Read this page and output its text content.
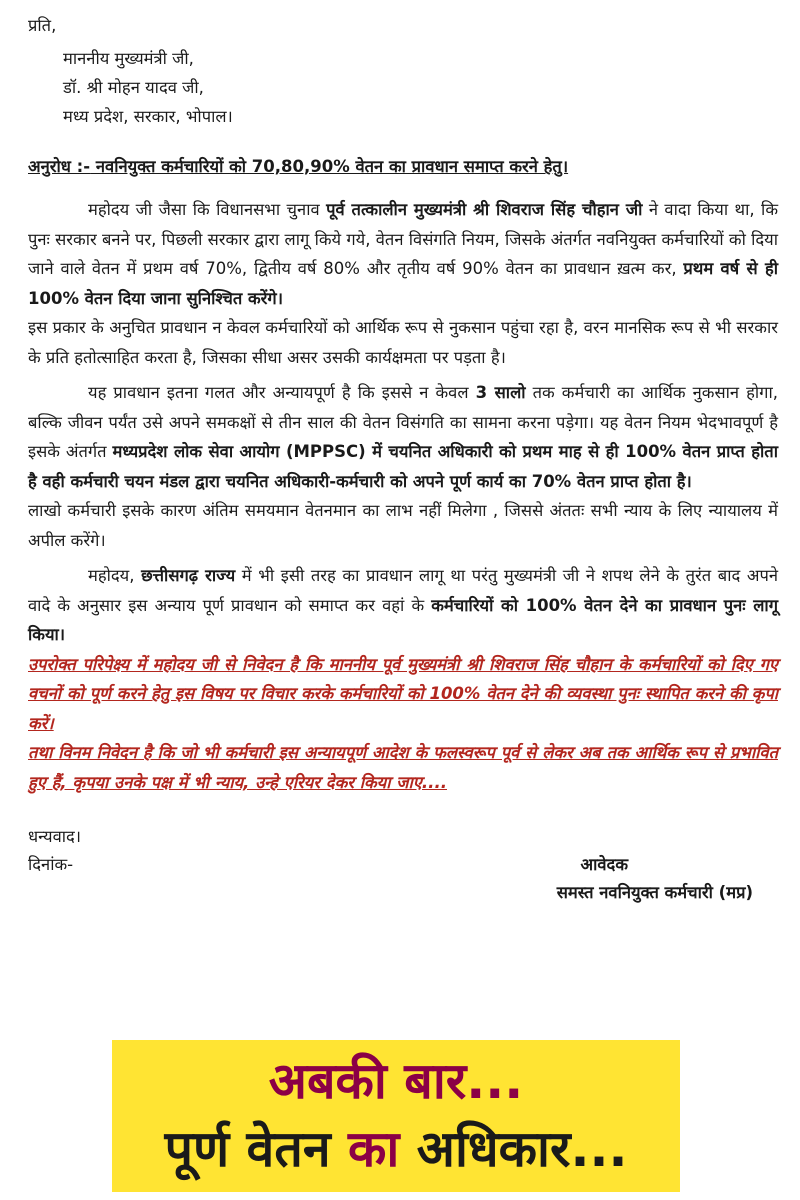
प्रति,
माननीय मुख्यमंत्री जी,
डॉ. श्री मोहन यादव जी,
मध्य प्रदेश, सरकार, भोपाल।
अनुरोध :- नवनियुक्त कर्मचारियों को 70,80,90% वेतन का प्रावधान समाप्त करने हेतु।
महोदय जी जैसा कि विधानसभा चुनाव पूर्व तत्कालीन मुख्यमंत्री श्री शिवराज सिंह चौहान जी ने वादा किया था, कि पुनः सरकार बनने पर, पिछली सरकार द्वारा लागू किये गये, वेतन विसंगति नियम, जिसके अंतर्गत नवनियुक्त कर्मचारियों को दिया जाने वाले वेतन में प्रथम वर्ष 70%, द्वितीय वर्ष 80% और तृतीय वर्ष 90% वेतन का प्रावधान ख़त्म कर, प्रथम वर्ष से ही 100% वेतन दिया जाना सुनिश्चित करेंगे।
इस प्रकार के अनुचित प्रावधान न केवल कर्मचारियों को आर्थिक रूप से नुकसान पहुंचा रहा है, वरन मानसिक रूप से भी सरकार के प्रति हतोत्साहित करता है, जिसका सीधा असर उसकी कार्यक्षमता पर पड़ता है।
यह प्रावधान इतना गलत और अन्यायपूर्ण है कि इससे न केवल 3 सालो तक कर्मचारी का आर्थिक नुकसान होगा, बल्कि जीवन पर्यंत उसे अपने समकक्षों से तीन साल की वेतन विसंगति का सामना करना पड़ेगा। यह वेतन नियम भेदभावपूर्ण है इसके अंतर्गत मध्यप्रदेश लोक सेवा आयोग (MPPSC) में चयनित अधिकारी को प्रथम माह से ही 100% वेतन प्राप्त होता है वही कर्मचारी चयन मंडल द्वारा चयनित अधिकारी-कर्मचारी को अपने पूर्ण कार्य का 70% वेतन प्राप्त होता है।
लाखो कर्मचारी इसके कारण अंतिम समयमान वेतनमान का लाभ नहीं मिलेगा , जिससे अंततः सभी न्याय के लिए न्यायालय में अपील करेंगे।
महोदय, छत्तीसगढ़ राज्य में भी इसी तरह का प्रावधान लागू था परंतु मुख्यमंत्री जी ने शपथ लेने के तुरंत बाद अपने वादे के अनुसार इस अन्याय पूर्ण प्रावधान को समाप्त कर वहां के कर्मचारियों को 100% वेतन देने का प्रावधान पुनः लागू किया।
उपरोक्त परिपेक्ष्य में महोदय जी से निवेदन है कि माननीय पूर्व मुख्यमंत्री श्री शिवराज सिंह चौहान के कर्मचारियों को दिए गए वचनों को पूर्ण करने हेतु इस विषय पर विचार करके कर्मचारियों को 100% वेतन देने की व्यवस्था पुनः स्थापित करने की कृपा करें।
तथा विनम निवेदन है कि जो भी कर्मचारी इस अन्यायपूर्ण आदेश के फलस्वरूप पूर्व से लेकर अब तक आर्थिक रूप से प्रभावित हुए हैं, कृपया उनके पक्ष में भी न्याय, उन्हे एरियर देकर किया जाए....
धन्यवाद।
दिनांक-	आवेदक
समस्त नवनियुक्त कर्मचारी (मप्र)
अबकी बार...
पूर्ण वेतन का अधिकार...
